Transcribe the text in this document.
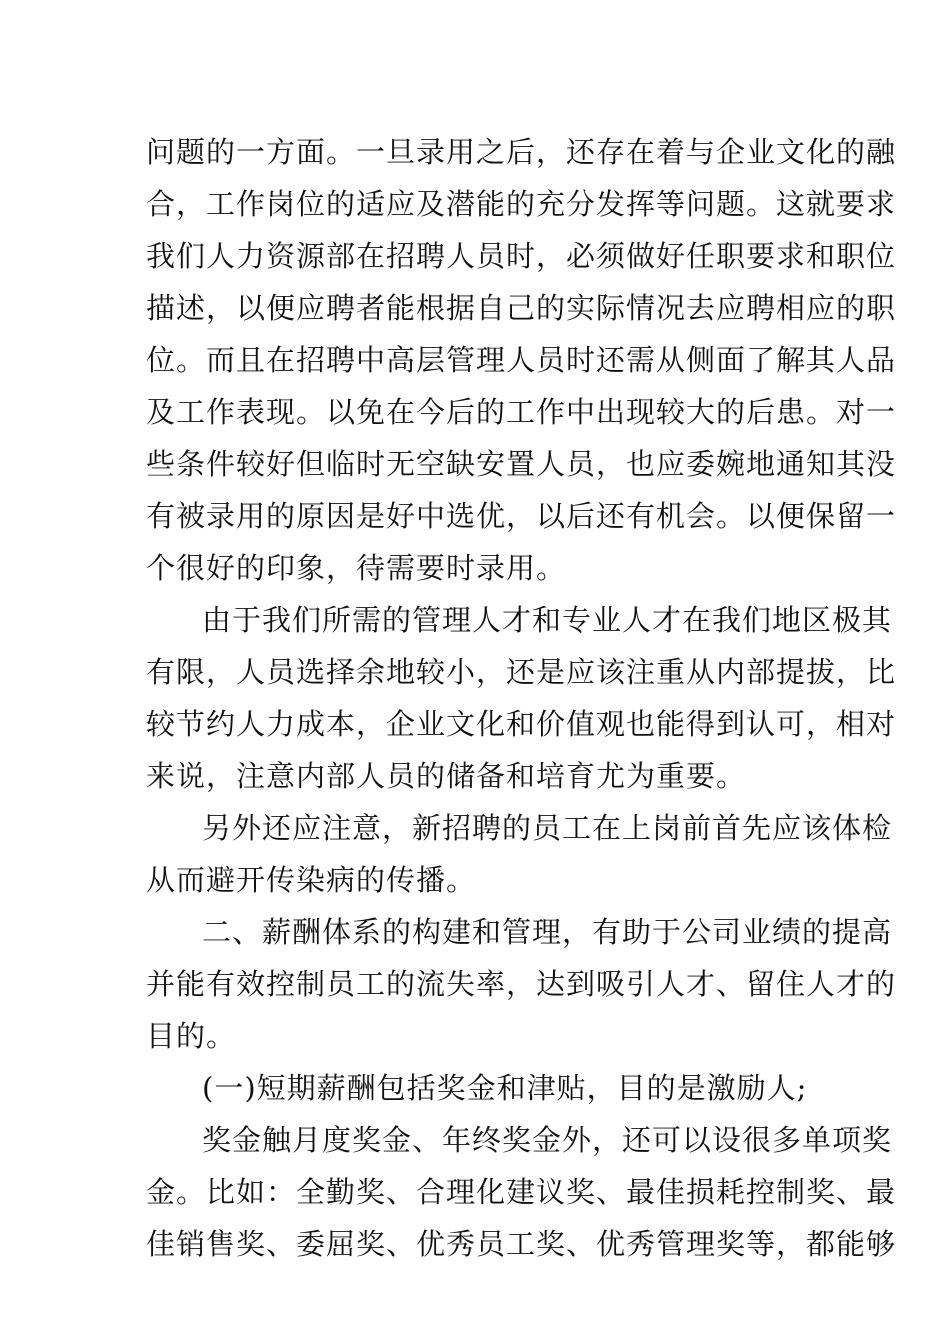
问题的一方面。一旦录用之后，还存在着与企业文化的融
合，工作岗位的适应及潜能的充分发挥等问题。这就要求
我们人力资源部在招聘人员时，必须做好任职要求和职位
描述，以便应聘者能根据自己的实际情况去应聘相应的职
位。而且在招聘中高层管理人员时还需从侧面了解其人品
及工作表现。以免在今后的工作中出现较大的后患。对一
些条件较好但临时无空缺安置人员，也应委婉地通知其没
有被录用的原因是好中选优，以后还有机会。以便保留一
个很好的印象，待需要时录用。

由于我们所需的管理人才和专业人才在我们地区极其
有限，人员选择余地较小，还是应该注重从内部提拔，比
较节约人力成本，企业文化和价值观也能得到认可，相对
来说，注意内部人员的储备和培育尤为重要。

另外还应注意，新招聘的员工在上岗前首先应该体检
从而避开传染病的传播。

二、薪酬体系的构建和管理，有助于公司业绩的提高
并能有效控制员工的流失率，达到吸引人才、留住人才的
目的。

(一)短期薪酬包括奖金和津贴，目的是激励人;

奖金触月度奖金、年终奖金外，还可以设很多单项奖
金。比如：全勤奖、合理化建议奖、最佳损耗控制奖、最
佳销售奖、委屈奖、优秀员工奖、优秀管理奖等，都能够
